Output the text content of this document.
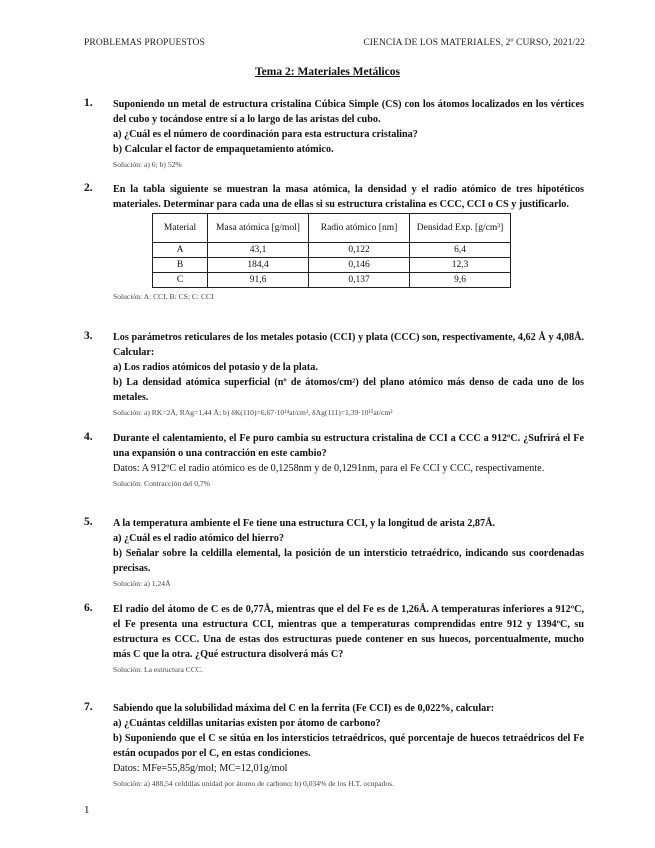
PROBLEMAS PROPUESTOS	CIENCIA DE LOS MATERIALES, 2º CURSO, 2021/22
Tema 2: Materiales Metálicos
1. Suponiendo un metal de estructura cristalina Cúbica Simple (CS) con los átomos localizados en los vértices del cubo y tocándose entre sí a lo largo de las aristas del cubo.

a) ¿Cuál es el número de coordinación para esta estructura cristalina?

b) Calcular el factor de empaquetamiento atómico.

Solución: a) 6; b) 52%
2. En la tabla siguiente se muestran la masa atómica, la densidad y el radio atómico de tres hipotéticos materiales. Determinar para cada una de ellas si su estructura cristalina es CCC, CCI o CS y justificarlo.

Material	Masa atómica [g/mol]	Radio atómico [nm]	Densidad Exp. [g/cm³]
A	43,1	0,122	6,4
B	184,4	0,146	12,3
C	91,6	0,137	9,6
Solución: A: CCI, B: CS; C: CCI
3. Los parámetros reticulares de los metales potasio (CCI) y plata (CCC) son, respectivamente, 4,62 Å y 4,08Å. Calcular:

a) Los radios atómicos del potasio y de la plata.

b) La densidad atómica superficial (nº de átomos/cm²) del plano atómico más denso de cada uno de los metales.

Solución: a) RK=2Å, RAg=1,44 Å; b) δK(110)=6,67·10¹⁴at/cm², δAg(111)=1,39·10¹⁵at/cm²
4. Durante el calentamiento, el Fe puro cambia su estructura cristalina de CCI a CCC a 912ºC. ¿Sufrirá el Fe una expansión o una contracción en este cambio?

Datos: A 912ºC el radio atómico es de 0,1258nm y de 0,1291nm, para el Fe CCI y CCC, respectivamente.

Solución: Contracción del 0,7%
5. A la temperatura ambiente el Fe tiene una estructura CCI, y la longitud de arista 2,87Å.

a) ¿Cuál es el radio atómico del hierro?

b) Señalar sobre la celdilla elemental, la posición de un intersticio tetraédrico, indicando sus coordenadas precisas.

Solución: a) 1,24Å
6. El radio del átomo de C es de 0,77Å, mientras que el del Fe es de 1,26Å. A temperaturas inferiores a 912ºC, el Fe presenta una estructura CCI, mientras que a temperaturas comprendidas entre 912 y 1394ºC, su estructura es CCC. Una de estas dos estructuras puede contener en sus huecos, porcentualmente, mucho más C que la otra. ¿Qué estructura disolverá más C?

Solución: La estructura CCC.
7. Sabiendo que la solubilidad máxima del C en la ferrita (Fe CCI) es de 0,022%, calcular:

a) ¿Cuántas celdillas unitarias existen por átomo de carbono?

b) Suponiendo que el C se sitúa en los intersticios tetraédricos, qué porcentaje de huecos tetraédricos del Fe están ocupados por el C, en estas condiciones.

Datos: MFe=55,85g/mol; MC=12,01g/mol

Solución: a) 488,54 celdillas unidad por átomo de carbono; b) 0,034% de los H.T. ocupados.
1
